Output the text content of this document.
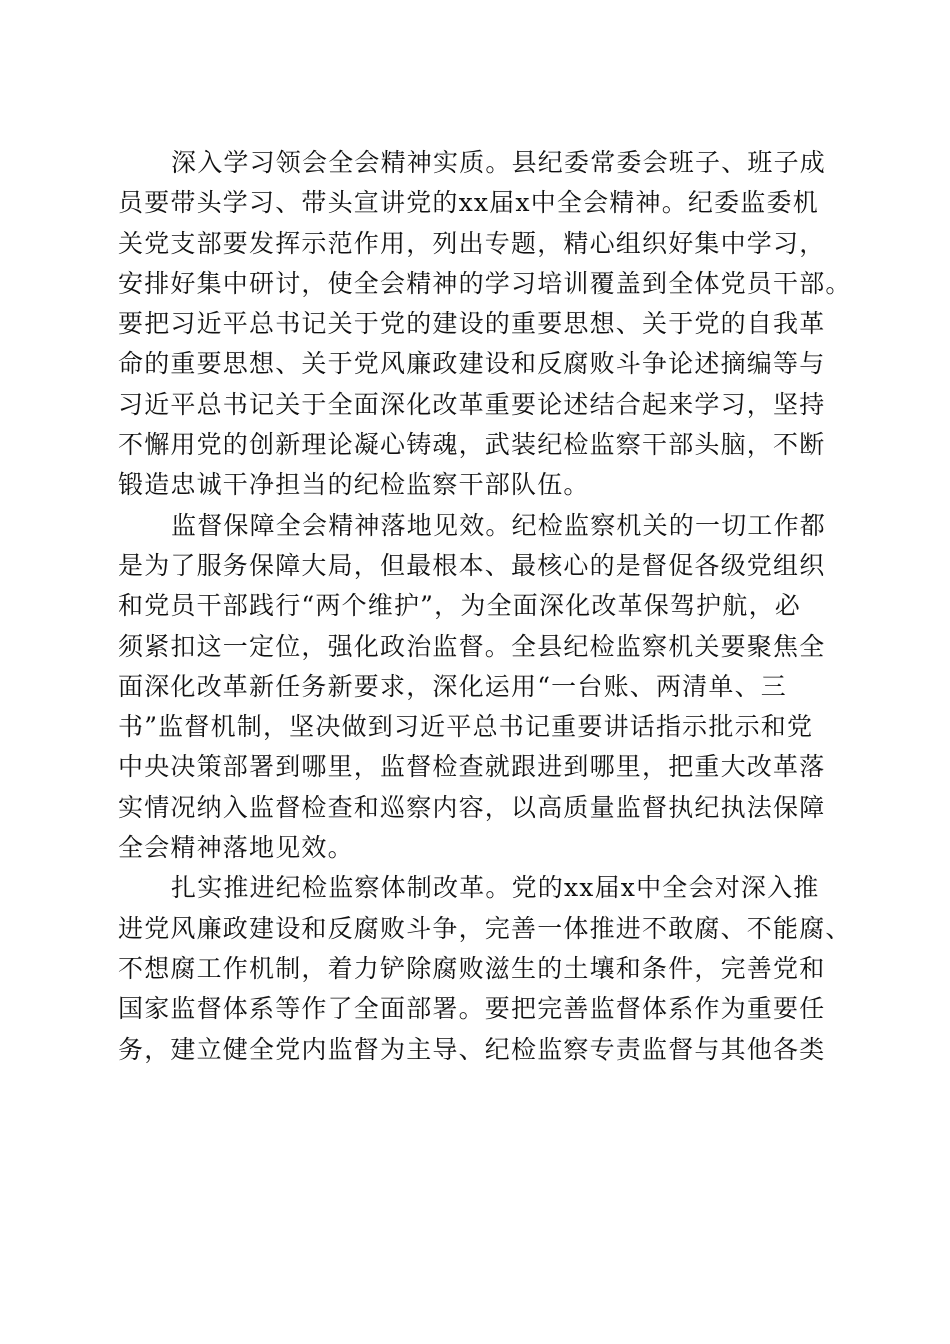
深入学习领会全会精神实质。县纪委常委会班子、班子成
员要带头学习、带头宣讲党的xx届x中全会精神。纪委监委机
关党支部要发挥示范作用，列出专题，精心组织好集中学习，
安排好集中研讨，使全会精神的学习培训覆盖到全体党员干部。
要把习近平总书记关于党的建设的重要思想、关于党的自我革
命的重要思想、关于党风廉政建设和反腐败斗争论述摘编等与
习近平总书记关于全面深化改革重要论述结合起来学习，坚持
不懈用党的创新理论凝心铸魂，武装纪检监察干部头脑，不断
锻造忠诚干净担当的纪检监察干部队伍。
监督保障全会精神落地见效。纪检监察机关的一切工作都
是为了服务保障大局，但最根本、最核心的是督促各级党组织
和党员干部践行“两个维护”，为全面深化改革保驾护航，必
须紧扣这一定位，强化政治监督。全县纪检监察机关要聚焦全
面深化改革新任务新要求，深化运用“一台账、两清单、三
书”监督机制，坚决做到习近平总书记重要讲话指示批示和党
中央决策部署到哪里，监督检查就跟进到哪里，把重大改革落
实情况纳入监督检查和巡察内容，以高质量监督执纪执法保障
全会精神落地见效。
扎实推进纪检监察体制改革。党的xx届x中全会对深入推
进党风廉政建设和反腐败斗争，完善一体推进不敢腐、不能腐、
不想腐工作机制，着力铲除腐败滋生的土壤和条件，完善党和
国家监督体系等作了全面部署。要把完善监督体系作为重要任
务，建立健全党内监督为主导、纪检监察专责监督与其他各类
